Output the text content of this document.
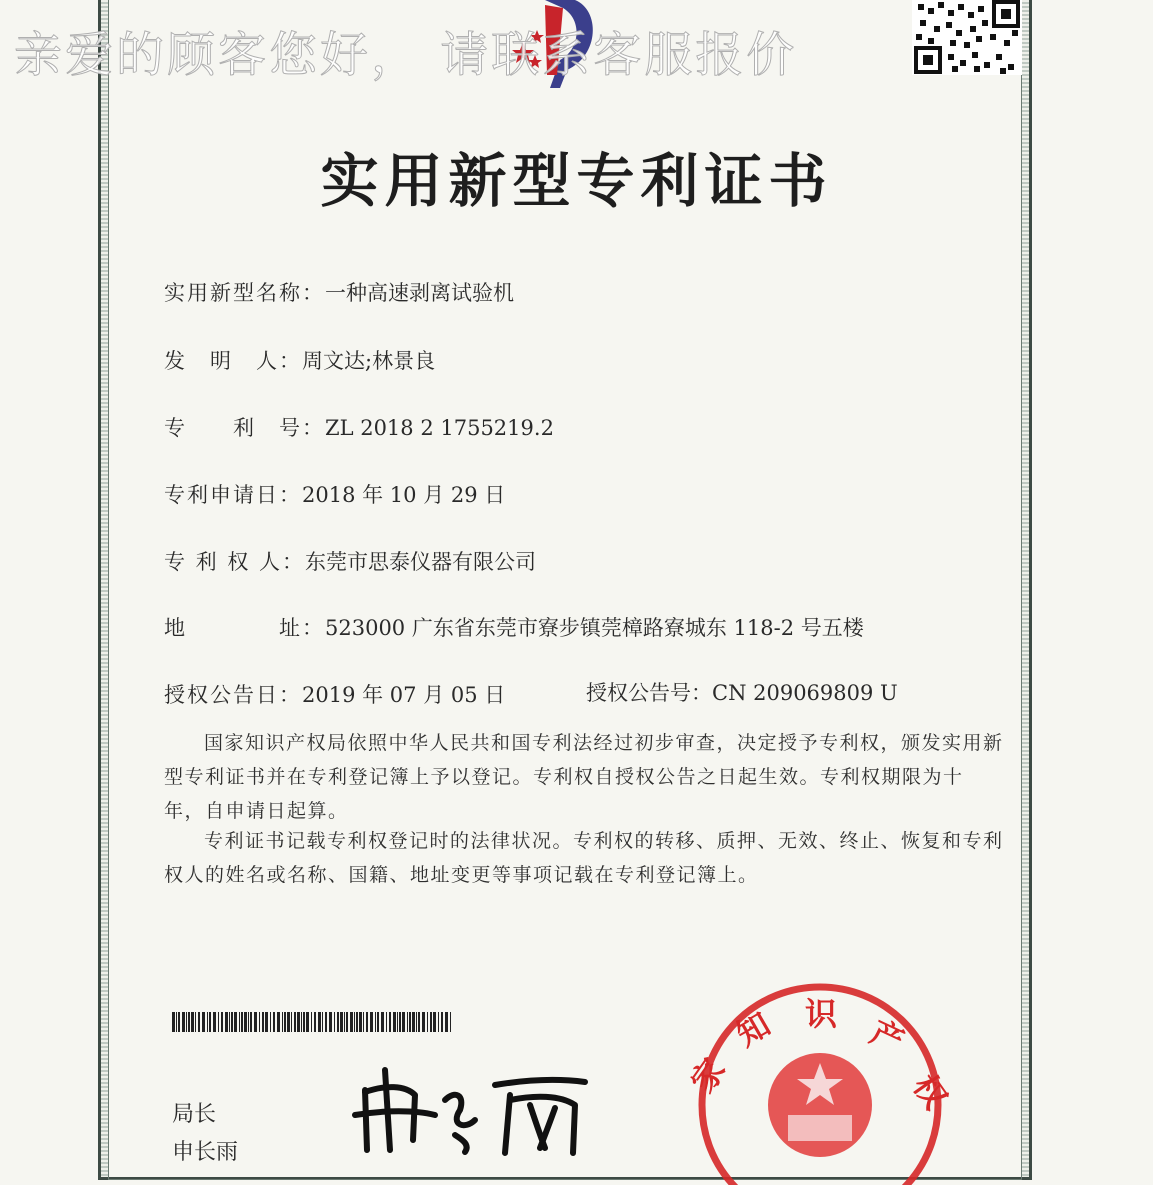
亲爱的顾客您好， 请联系客服报价
实用新型专利证书
实用新型名称：一种高速剥离试验机
发　明　人：周文达;林景良
专　　利　号：ZL 2018 2 1755219.2
专利申请日：2018 年 10 月 29 日
专 利 权 人：东莞市思泰仪器有限公司
地　　　　址：523000 广东省东莞市寮步镇莞樟路寮城东 118-2 号五楼
授权公告日：2019 年 07 月 05 日	授权公告号：CN 209069809 U
国家知识产权局依照中华人民共和国专利法经过初步审查，决定授予专利权，颁发实用新型专利证书并在专利登记簿上予以登记。专利权自授权公告之日起生效。专利权期限为十年，自申请日起算。
专利证书记载专利权登记时的法律状况。专利权的转移、质押、无效、终止、恢复和专利权人的姓名或名称、国籍、地址变更等事项记载在专利登记簿上。
局长
申长雨
家
知 识 产
权
